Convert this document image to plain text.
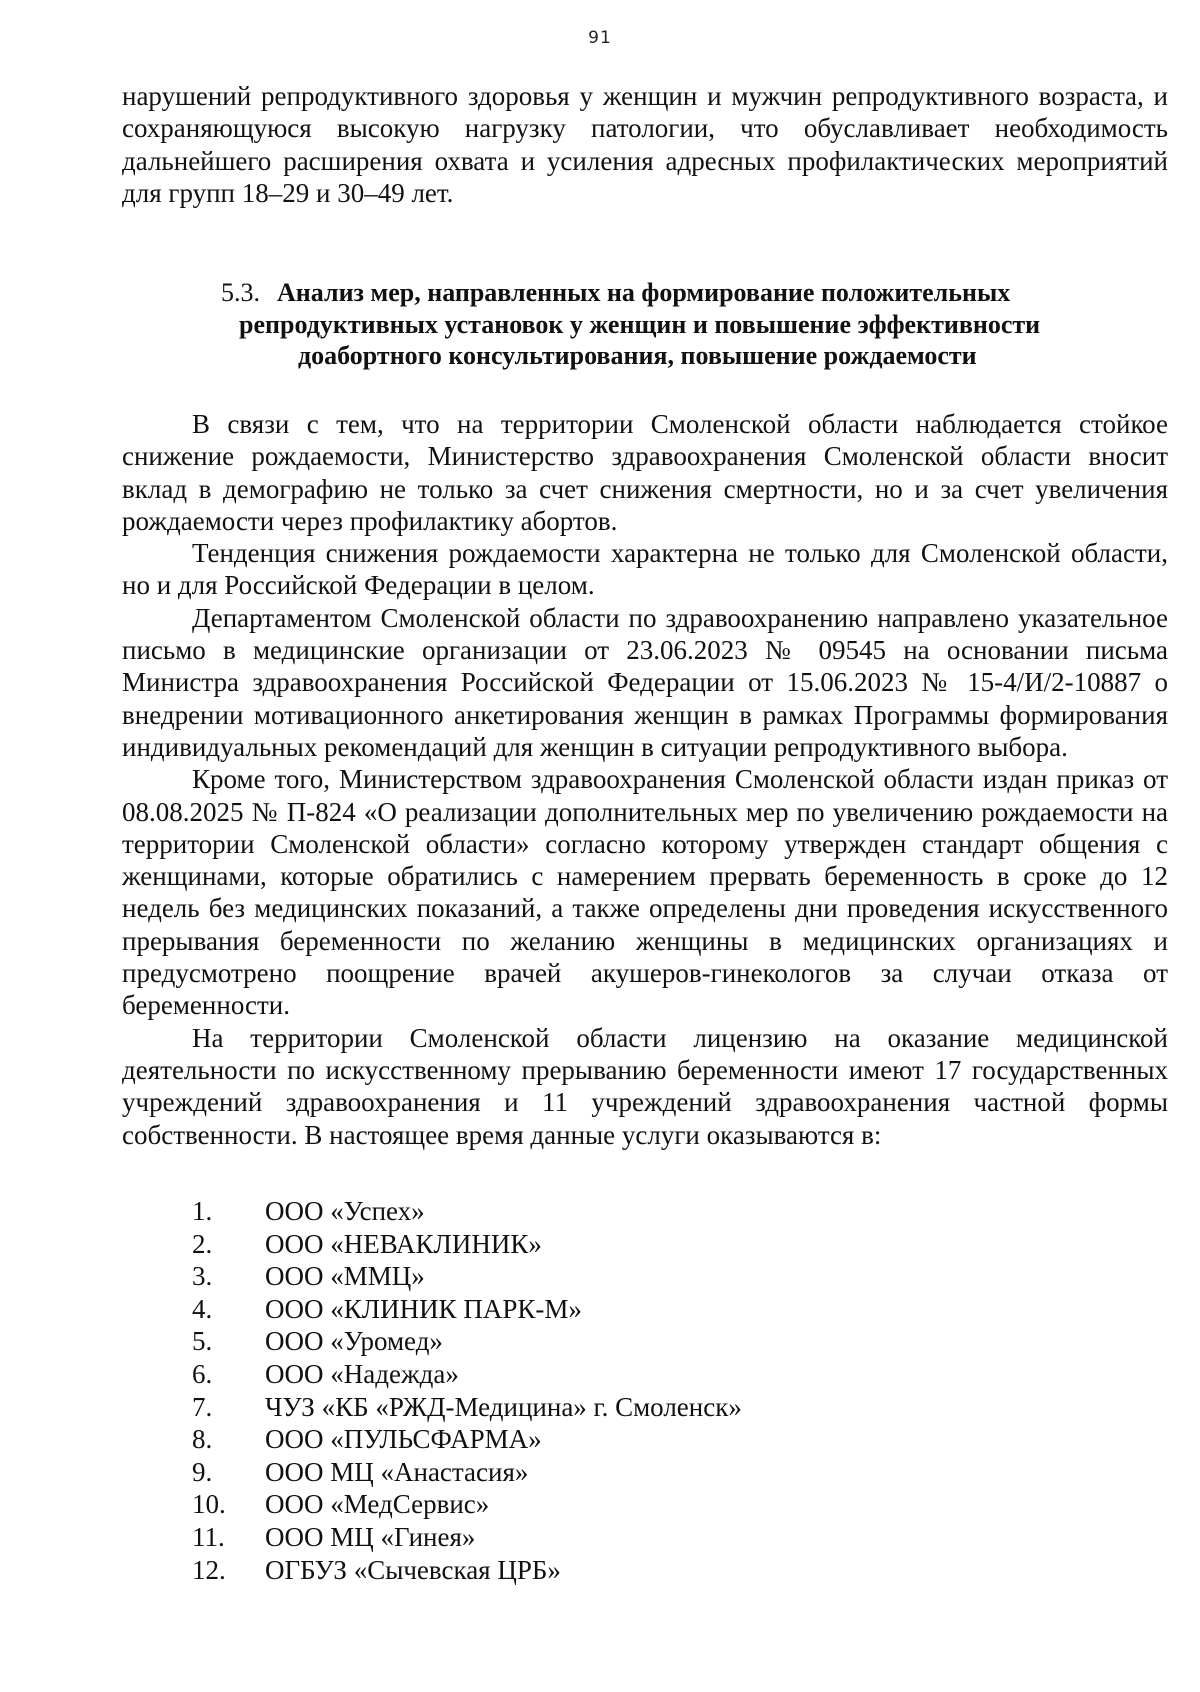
91

нарушений репродуктивного здоровья у женщин и мужчин репродуктивного возраста, и сохраняющуюся высокую нагрузку патологии, что обуславливает необходимость дальнейшего расширения охвата и усиления адресных профилактических мероприятий для групп 18–29 и 30–49 лет.

5.3. Анализ мер, направленных на формирование положительных
репродуктивных установок у женщин и повышение эффективности
доабортного консультирования, повышение рождаемости

В связи с тем, что на территории Смоленской области наблюдается стойкое снижение рождаемости, Министерство здравоохранения Смоленской области вносит вклад в демографию не только за счет снижения смертности, но и за счет увеличения рождаемости через профилактику абортов.

Тенденция снижения рождаемости характерна не только для Смоленской области, но и для Российской Федерации в целом.

Департаментом Смоленской области по здравоохранению направлено указательное письмо в медицинские организации от 23.06.2023 № 09545 на основании письма Министра здравоохранения Российской Федерации от 15.06.2023 № 15-4/И/2-10887 о внедрении мотивационного анкетирования женщин в рамках Программы формирования индивидуальных рекомендаций для женщин в ситуации репродуктивного выбора.

Кроме того, Министерством здравоохранения Смоленской области издан приказ от 08.08.2025 № П-824 «О реализации дополнительных мер по увеличению рождаемости на территории Смоленской области» согласно которому утвержден стандарт общения с женщинами, которые обратились с намерением прервать беременность в сроке до 12 недель без медицинских показаний, а также определены дни проведения искусственного прерывания беременности по желанию женщины в медицинских организациях и предусмотрено поощрение врачей акушеров-гинекологов за случаи отказа от беременности.

На территории Смоленской области лицензию на оказание медицинской деятельности по искусственному прерыванию беременности имеют 17 государственных учреждений здравоохранения и 11 учреждений здравоохранения частной формы собственности. В настоящее время данные услуги оказываются в:

1. ООО «Успех»
2. ООО «НЕВАКЛИНИК»
3. ООО «ММЦ»
4. ООО «КЛИНИК ПАРК-М»
5. ООО «Уромед»
6. ООО «Надежда»
7. ЧУЗ «КБ «РЖД-Медицина» г. Смоленск»
8. ООО «ПУЛЬСФАРМА»
9. ООО МЦ «Анастасия»
10. ООО «МедСервис»
11. ООО МЦ «Гинея»
12. ОГБУЗ «Сычевская ЦРБ»
